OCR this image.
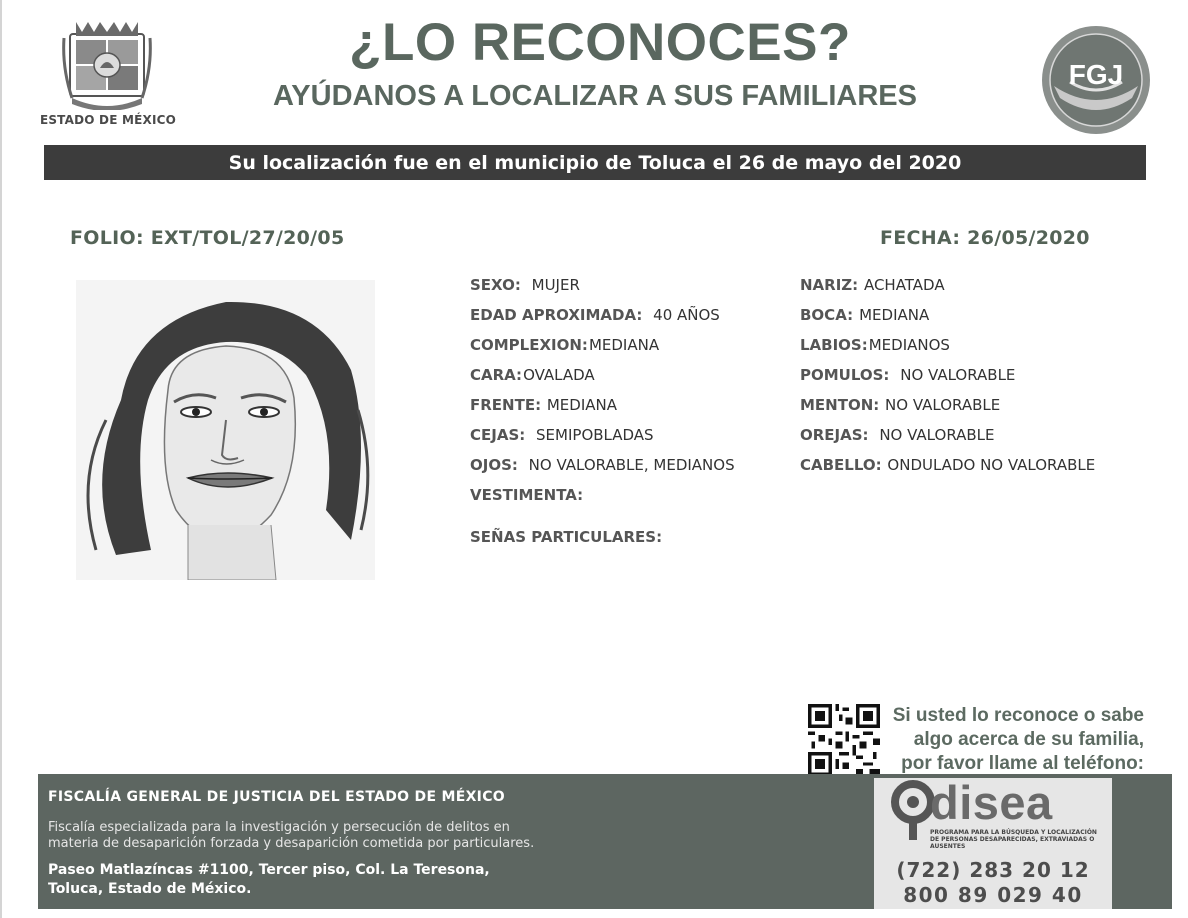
ESTADO DE MÉXICO
¿LO RECONOCES?
AYÚDANOS A LOCALIZAR A SUS FAMILIARES
FGJ
Su localización fue en el municipio de Toluca el 26 de mayo del 2020
FOLIO: EXT/TOL/27/20/05	FECHA: 26/05/2020
SEXO: MUJER
EDAD APROXIMADA: 40 AÑOS
COMPLEXION:MEDIANA
CARA:OVALADA
FRENTE: MEDIANA
CEJAS: SEMIPOBLADAS
OJOS: NO VALORABLE, MEDIANOS
VESTIMENTA:
SEÑAS PARTICULARES:
NARIZ: ACHATADA
BOCA: MEDIANA
LABIOS:MEDIANOS
POMULOS: NO VALORABLE
MENTON: NO VALORABLE
OREJAS: NO VALORABLE
CABELLO: ONDULADO NO VALORABLE
Si usted lo reconoce o sabe
algo acerca de su familia,
por favor llame al teléfono:
FISCALÍA GENERAL DE JUSTICIA DEL ESTADO DE MÉXICO
Fiscalía especializada para la investigación y persecución de delitos en
materia de desaparición forzada y desaparición cometida por particulares.
Paseo Matlazíncas #1100, Tercer piso, Col. La Teresona,
Toluca, Estado de México.
disea
PROGRAMA PARA LA BÚSQUEDA Y LOCALIZACIÓN DE PERSONAS DESAPARECIDAS, EXTRAVIADAS O AUSENTES
(722) 283 20 12
800 89 029 40
